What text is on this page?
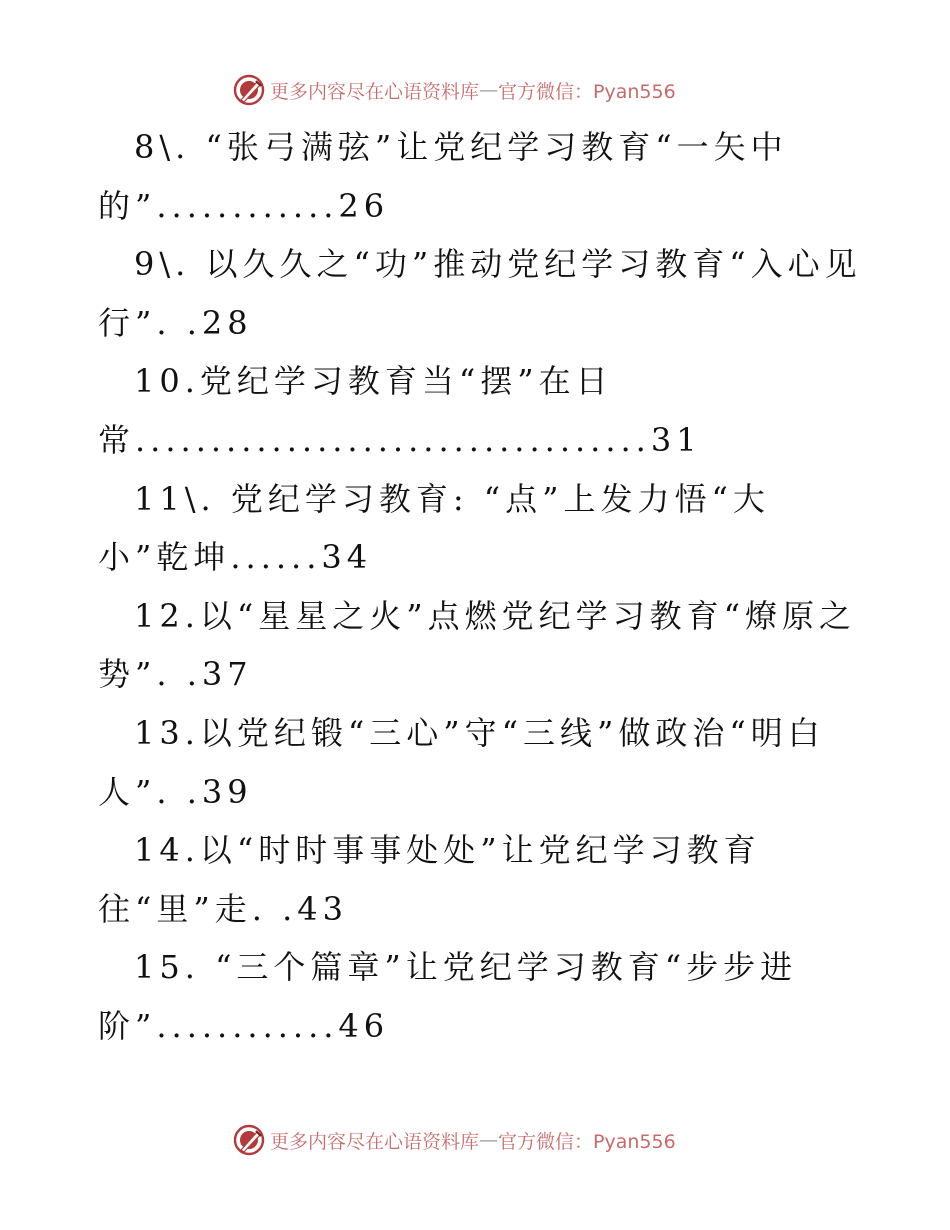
更多内容尽在心语资料库 — 官方微信：Pyan556
8\. “张弓满弦”让党纪学习教育“一矢中
的”............26
9\. 以久久之“功”推动党纪学习教育“入心见
行”. .28
10.党纪学习教育当“摆”在日
常..................................31
11\. 党纪学习教育: “点”上发力悟“大
小”乾坤......34
12.以“星星之火”点燃党纪学习教育“燎原之
势”. .37
13.以党纪锻“三心”守“三线”做政治“明白
人”. .39
14.以“时时事事处处”让党纪学习教育
往“里”走. .43
15. “三个篇章”让党纪学习教育“步步进
阶”............46
更多内容尽在心语资料库 — 官方微信：Pyan556
